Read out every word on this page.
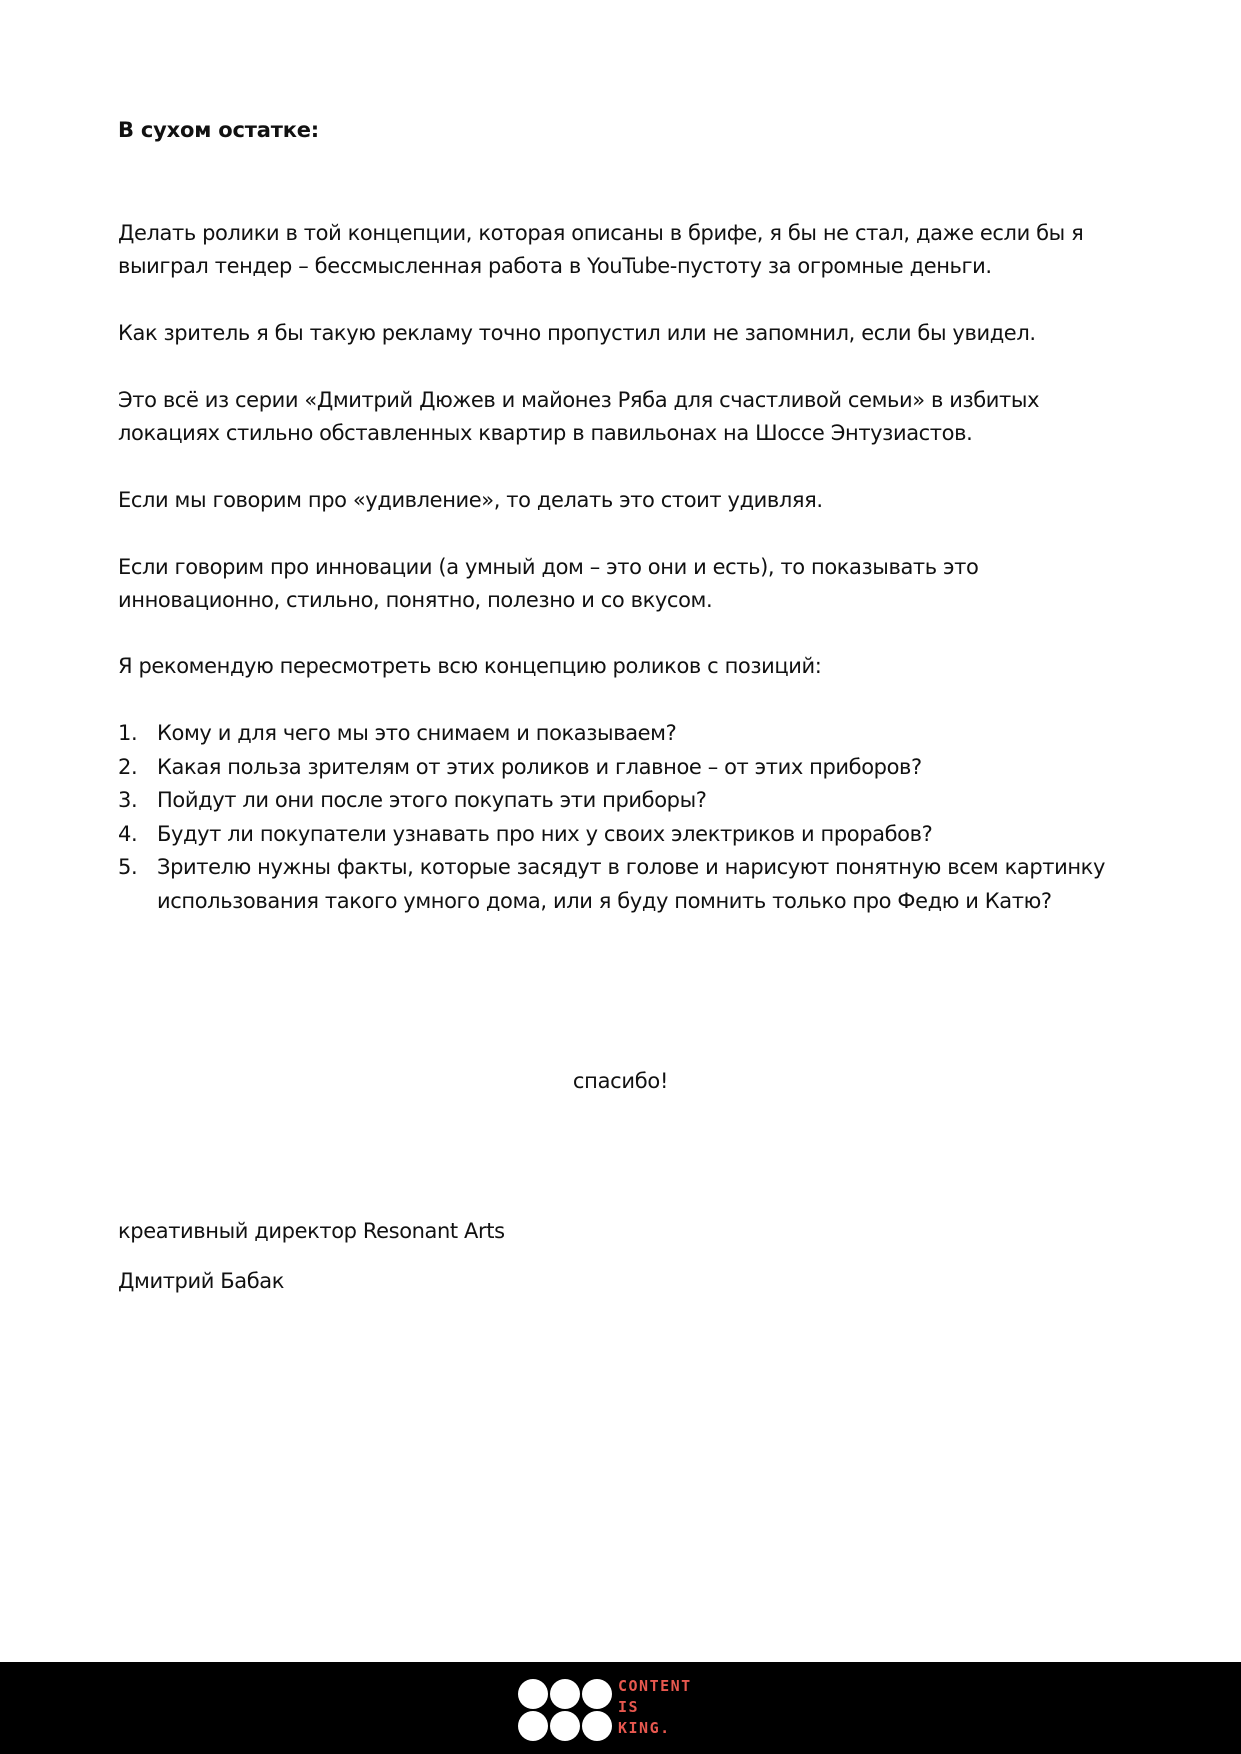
В сухом остатке:
Делать ролики в той концепции, которая описаны в брифе, я бы не стал, даже если бы я выиграл тендер – бессмысленная работа в YouTube-пустоту за огромные деньги.
Как зритель я бы такую рекламу точно пропустил или не запомнил, если бы увидел.
Это всё из серии «Дмитрий Дюжев и майонез Ряба для счастливой семьи» в избитых локациях стильно обставленных квартир в павильонах на Шоссе Энтузиастов.
Если мы говорим про «удивление», то делать это стоит удивляя.
Если говорим про инновации (а умный дом – это они и есть), то показывать это инновационно, стильно, понятно, полезно и со вкусом.
Я рекомендую пересмотреть всю концепцию роликов с позиций:
1. Кому и для чего мы это снимаем и показываем?
2. Какая польза зрителям от этих роликов и главное – от этих приборов?
3. Пойдут ли они после этого покупать эти приборы?
4. Будут ли покупатели узнавать про них у своих электриков и прорабов?
5. Зрителю нужны факты, которые засядут в голове и нарисуют понятную всем картинку использования такого умного дома, или я буду помнить только про Федю и Катю?
спасибо!
креативный директор Resonant Arts
Дмитрий Бабак
CONTENT
IS
KING.
